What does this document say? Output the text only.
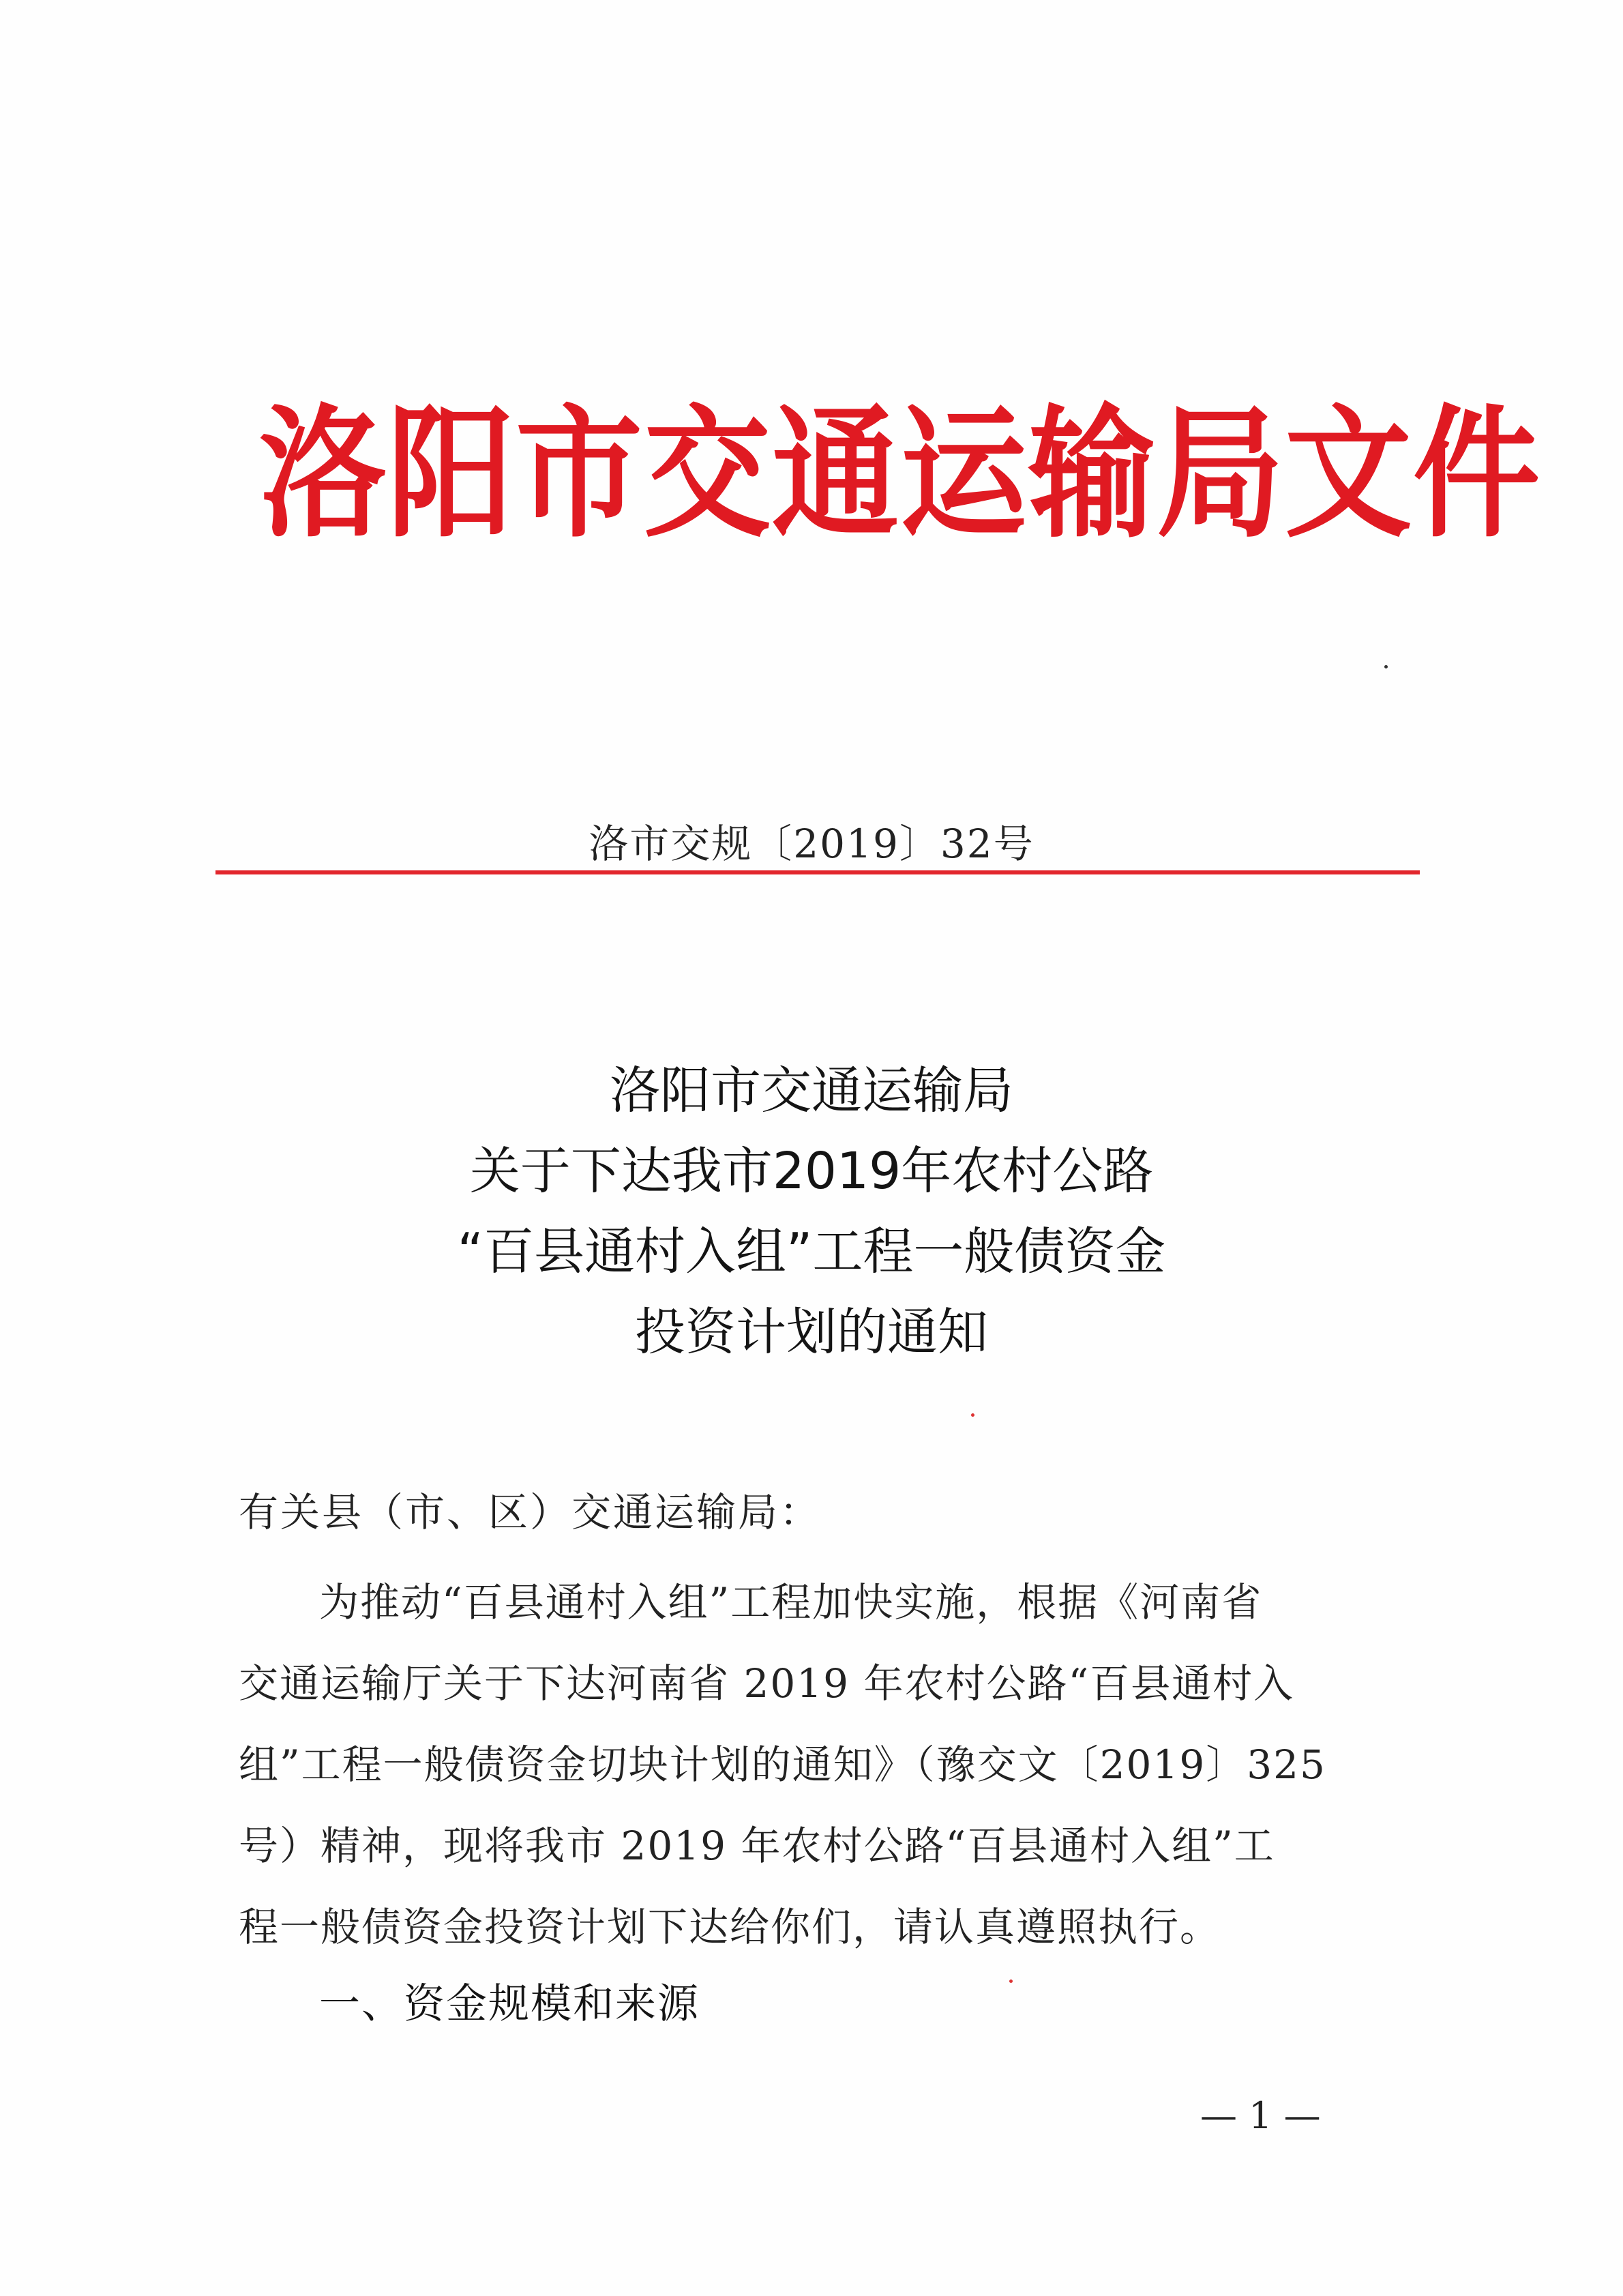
洛阳市交通运输局文件
洛市交规〔2019〕32号
洛阳市交通运输局
关于下达我市2019年农村公路
“百县通村入组”工程一般债资金
投资计划的通知
有关县（市、区）交通运输局：
为推动“百县通村入组”工程加快实施，根据《河南省
交通运输厅关于下达河南省 2019 年农村公路“百县通村入
组”工程一般债资金切块计划的通知》（豫交文〔2019〕325
号）精神，现将我市 2019 年农村公路“百县通村入组”工
程一般债资金投资计划下达给你们，请认真遵照执行。
一、资金规模和来源
— 1 —
